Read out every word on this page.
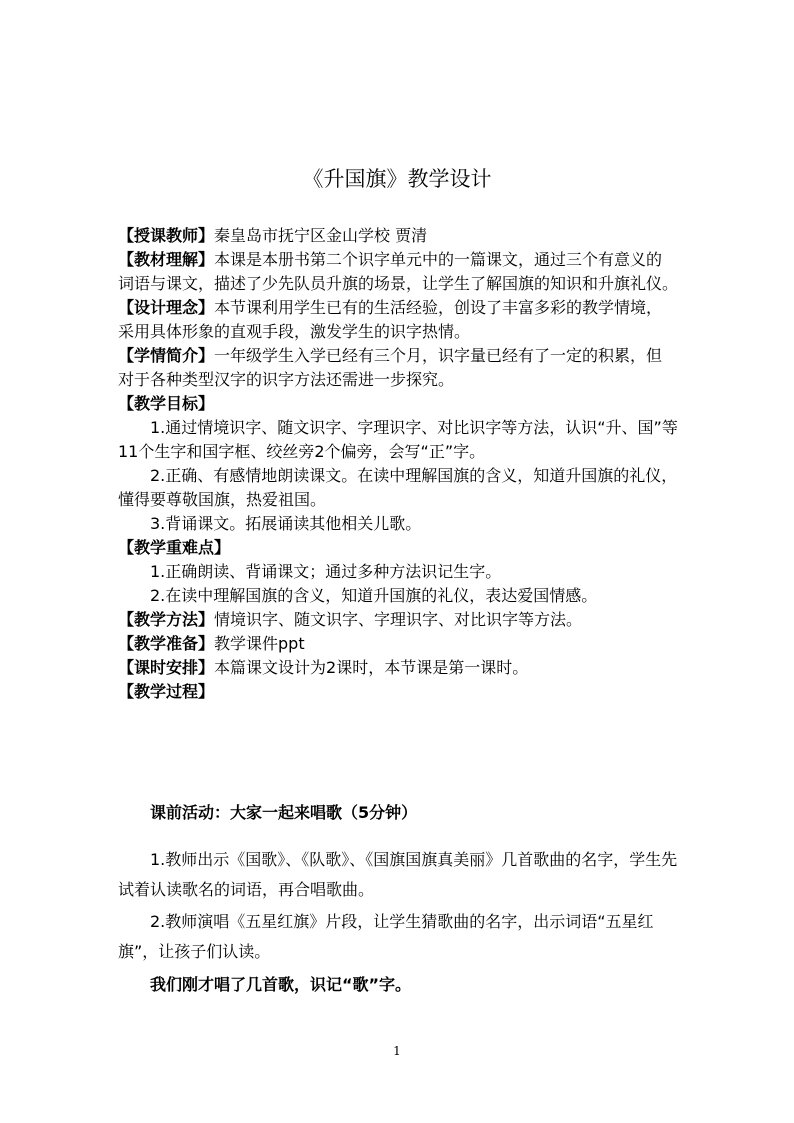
《升国旗》教学设计

【授课教师】秦皇岛市抚宁区金山学校 贾清

【教材理解】本课是本册书第二个识字单元中的一篇课文，通过三个有意义的词语与课文，描述了少先队员升旗的场景，让学生了解国旗的知识和升旗礼仪。

【设计理念】本节课利用学生已有的生活经验，创设了丰富多彩的教学情境，采用具体形象的直观手段，激发学生的识字热情。

【学情简介】一年级学生入学已经有三个月，识字量已经有了一定的积累，但对于各种类型汉字的识字方法还需进一步探究。

【教学目标】

1.通过情境识字、随文识字、字理识字、对比识字等方法，认识“升、国”等11个生字和国字框、绞丝旁2个偏旁，会写“正”字。

2.正确、有感情地朗读课文。在读中理解国旗的含义，知道升国旗的礼仪，懂得要尊敬国旗，热爱祖国。

3.背诵课文。拓展诵读其他相关儿歌。

【教学重难点】

1.正确朗读、背诵课文；通过多种方法识记生字。

2.在读中理解国旗的含义，知道升国旗的礼仪，表达爱国情感。

【教学方法】情境识字、随文识字、字理识字、对比识字等方法。

【教学准备】教学课件ppt

【课时安排】本篇课文设计为2课时，本节课是第一课时。

【教学过程】

课前活动：大家一起来唱歌（5分钟）

1.教师出示《国歌》、《队歌》、《国旗国旗真美丽》几首歌曲的名字，学生先试着认读歌名的词语，再合唱歌曲。

2.教师演唱《五星红旗》片段，让学生猜歌曲的名字，出示词语“五星红旗”，让孩子们认读。

我们刚才唱了几首歌，识记“歌”字。

1
